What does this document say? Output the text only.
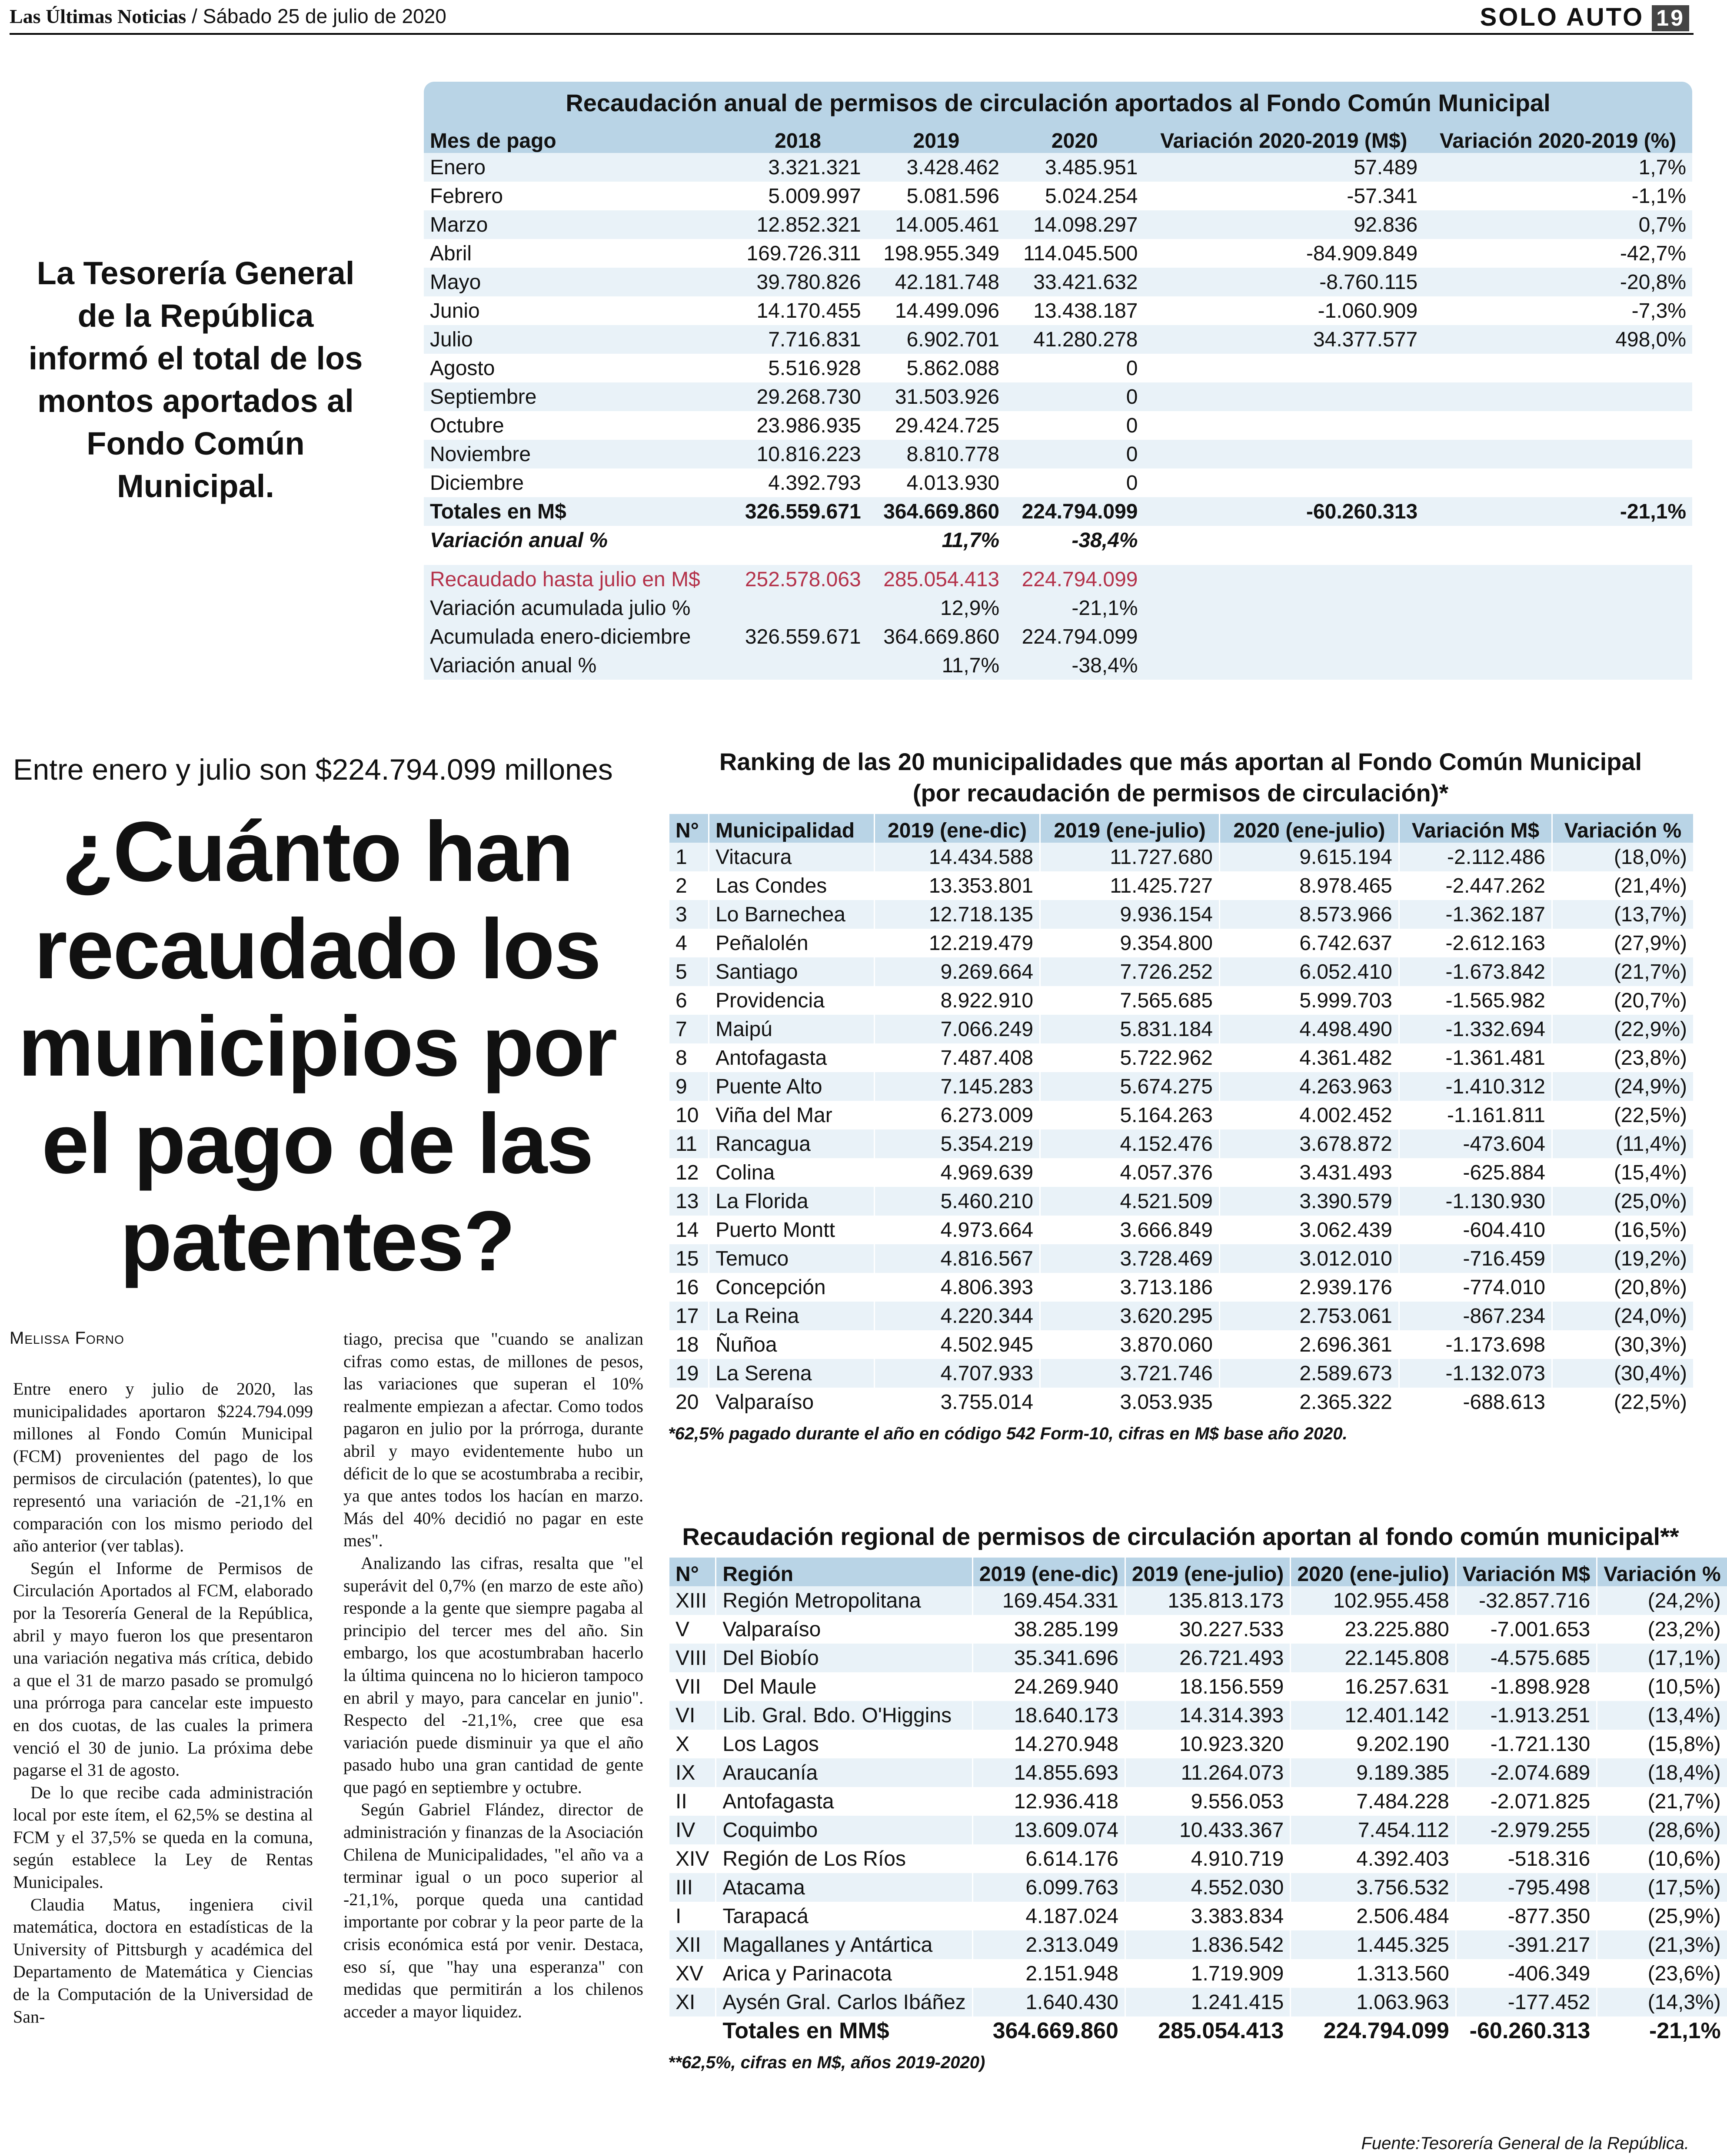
Las Últimas Noticias / Sábado 25 de julio de 2020	SOLO AUTO 19
La Tesorería General de la República informó el total de los montos aportados al Fondo Común Municipal.
Recaudación anual de permisos de circulación aportados al Fondo Común Municipal
Mes de pago	2018	2019	2020	Variación 2020-2019 (M$)	Variación 2020-2019 (%)
Enero	3.321.321	3.428.462	3.485.951	57.489	1,7%
Febrero	5.009.997	5.081.596	5.024.254	-57.341	-1,1%
Marzo	12.852.321	14.005.461	14.098.297	92.836	0,7%
Abril	169.726.311	198.955.349	114.045.500	-84.909.849	-42,7%
Mayo	39.780.826	42.181.748	33.421.632	-8.760.115	-20,8%
Junio	14.170.455	14.499.096	13.438.187	-1.060.909	-7,3%
Julio	7.716.831	6.902.701	41.280.278	34.377.577	498,0%
Agosto	5.516.928	5.862.088	0		
Septiembre	29.268.730	31.503.926	0		
Octubre	23.986.935	29.424.725	0		
Noviembre	10.816.223	8.810.778	0		
Diciembre	4.392.793	4.013.930	0		
Totales en M$	326.559.671	364.669.860	224.794.099	-60.260.313	-21,1%
Variación anual %		11,7%	-38,4%		

Recaudado hasta julio en M$	252.578.063	285.054.413	224.794.099		
Variación acumulada julio %		12,9%	-21,1%		
Acumulada enero-diciembre	326.559.671	364.669.860	224.794.099		
Variación anual %		11,7%	-38,4%		
Entre enero y julio son $224.794.099 millones
¿Cuánto han recaudado los municipios por el pago de las patentes?
Melissa Forno

Entre enero y julio de 2020, las municipalidades aportaron $224.794.099 millones al Fondo Común Municipal (FCM) provenientes del pago de los permisos de circulación (patentes), lo que representó una variación de -21,1% en comparación con los mismo periodo del año anterior (ver tablas).

Según el Informe de Permisos de Circulación Aportados al FCM, elaborado por la Tesorería General de la República, abril y mayo fueron los que presentaron una variación negativa más crítica, debido a que el 31 de marzo pasado se promulgó una prórroga para cancelar este impuesto en dos cuotas, de las cuales la primera venció el 30 de junio. La próxima debe pagarse el 31 de agosto.

De lo que recibe cada administración local por este ítem, el 62,5% se destina al FCM y el 37,5% se queda en la comuna, según establece la Ley de Rentas Municipales.

Claudia Matus, ingeniera civil matemática, doctora en estadísticas de la University of Pittsburgh y académica del Departamento de Matemática y Ciencias de la Computación de la Universidad de San-

tiago, precisa que "cuando se analizan cifras como estas, de millones de pesos, las variaciones que superan el 10% realmente empiezan a afectar. Como todos pagaron en julio por la prórroga, durante abril y mayo evidentemente hubo un déficit de lo que se acostumbraba a recibir, ya que antes todos los hacían en marzo. Más del 40% decidió no pagar en este mes".

Analizando las cifras, resalta que "el superávit del 0,7% (en marzo de este año) responde a la gente que siempre pagaba al principio del tercer mes del año. Sin embargo, los que acostumbraban hacerlo la última quincena no lo hicieron tampoco en abril y mayo, para cancelar en junio". Respecto del -21,1%, cree que esa variación puede disminuir ya que el año pasado hubo una gran cantidad de gente que pagó en septiembre y octubre.

Según Gabriel Flández, director de administración y finanzas de la Asociación Chilena de Municipalidades, "el año va a terminar igual o un poco superior al -21,1%, porque queda una cantidad importante por cobrar y la peor parte de la crisis económica está por venir. Destaca, eso sí, que "hay una esperanza" con medidas que permitirán a los chilenos acceder a mayor liquidez.

Ranking de las 20 municipalidades que más aportan al Fondo Común Municipal
(por recaudación de permisos de circulación)*
N°	Municipalidad	2019 (ene-dic)	2019 (ene-julio)	2020 (ene-julio)	Variación M$	Variación %
1	Vitacura	14.434.588	11.727.680	9.615.194	-2.112.486	(18,0%)
2	Las Condes	13.353.801	11.425.727	8.978.465	-2.447.262	(21,4%)
3	Lo Barnechea	12.718.135	9.936.154	8.573.966	-1.362.187	(13,7%)
4	Peñalolén	12.219.479	9.354.800	6.742.637	-2.612.163	(27,9%)
5	Santiago	9.269.664	7.726.252	6.052.410	-1.673.842	(21,7%)
6	Providencia	8.922.910	7.565.685	5.999.703	-1.565.982	(20,7%)
7	Maipú	7.066.249	5.831.184	4.498.490	-1.332.694	(22,9%)
8	Antofagasta	7.487.408	5.722.962	4.361.482	-1.361.481	(23,8%)
9	Puente Alto	7.145.283	5.674.275	4.263.963	-1.410.312	(24,9%)
10	Viña del Mar	6.273.009	5.164.263	4.002.452	-1.161.811	(22,5%)
11	Rancagua	5.354.219	4.152.476	3.678.872	-473.604	(11,4%)
12	Colina	4.969.639	4.057.376	3.431.493	-625.884	(15,4%)
13	La Florida	5.460.210	4.521.509	3.390.579	-1.130.930	(25,0%)
14	Puerto Montt	4.973.664	3.666.849	3.062.439	-604.410	(16,5%)
15	Temuco	4.816.567	3.728.469	3.012.010	-716.459	(19,2%)
16	Concepción	4.806.393	3.713.186	2.939.176	-774.010	(20,8%)
17	La Reina	4.220.344	3.620.295	2.753.061	-867.234	(24,0%)
18	Ñuñoa	4.502.945	3.870.060	2.696.361	-1.173.698	(30,3%)
19	La Serena	4.707.933	3.721.746	2.589.673	-1.132.073	(30,4%)
20	Valparaíso	3.755.014	3.053.935	2.365.322	-688.613	(22,5%)
*62,5% pagado durante el año en código 542 Form-10, cifras en M$ base año 2020.
Recaudación regional de permisos de circulación aportan al fondo común municipal**
N°	Región	2019 (ene-dic)	2019 (ene-julio)	2020 (ene-julio)	Variación M$	Variación %
XIII	Región Metropolitana	169.454.331	135.813.173	102.955.458	-32.857.716	(24,2%)
V	Valparaíso	38.285.199	30.227.533	23.225.880	-7.001.653	(23,2%)
VIII	Del Biobío	35.341.696	26.721.493	22.145.808	-4.575.685	(17,1%)
VII	Del Maule	24.269.940	18.156.559	16.257.631	-1.898.928	(10,5%)
VI	Lib. Gral. Bdo. O'Higgins	18.640.173	14.314.393	12.401.142	-1.913.251	(13,4%)
X	Los Lagos	14.270.948	10.923.320	9.202.190	-1.721.130	(15,8%)
IX	Araucanía	14.855.693	11.264.073	9.189.385	-2.074.689	(18,4%)
II	Antofagasta	12.936.418	9.556.053	7.484.228	-2.071.825	(21,7%)
IV	Coquimbo	13.609.074	10.433.367	7.454.112	-2.979.255	(28,6%)
XIV	Región de Los Ríos	6.614.176	4.910.719	4.392.403	-518.316	(10,6%)
III	Atacama	6.099.763	4.552.030	3.756.532	-795.498	(17,5%)
I	Tarapacá	4.187.024	3.383.834	2.506.484	-877.350	(25,9%)
XII	Magallanes y Antártica	2.313.049	1.836.542	1.445.325	-391.217	(21,3%)
XV	Arica y Parinacota	2.151.948	1.719.909	1.313.560	-406.349	(23,6%)
XI	Aysén Gral. Carlos Ibáñez	1.640.430	1.241.415	1.063.963	-177.452	(14,3%)
	Totales en MM$	364.669.860	285.054.413	224.794.099	-60.260.313	-21,1%
**62,5%, cifras en M$, años 2019-2020)
Fuente:Tesorería General de la República.
